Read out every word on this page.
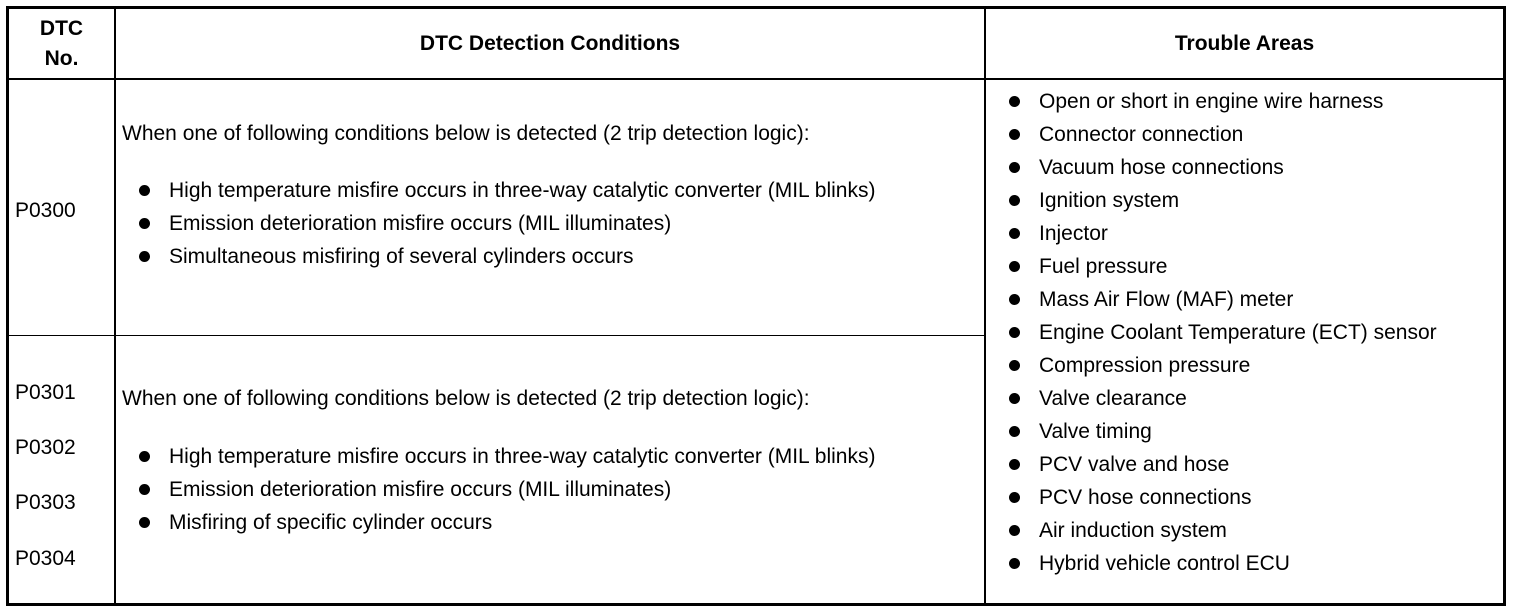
DTC
No.
DTC Detection Conditions	Trouble Areas
P0300
When one of following conditions below is detected (2 trip detection logic):
High temperature misfire occurs in three-way catalytic converter (MIL blinks)
Emission deterioration misfire occurs (MIL illuminates)
Simultaneous misfiring of several cylinders occurs
P0301
P0302
P0303
P0304
When one of following conditions below is detected (2 trip detection logic):
High temperature misfire occurs in three-way catalytic converter (MIL blinks)
Emission deterioration misfire occurs (MIL illuminates)
Misfiring of specific cylinder occurs
Open or short in engine wire harness
Connector connection
Vacuum hose connections
Ignition system
Injector
Fuel pressure
Mass Air Flow (MAF) meter
Engine Coolant Temperature (ECT) sensor
Compression pressure
Valve clearance
Valve timing
PCV valve and hose
PCV hose connections
Air induction system
Hybrid vehicle control ECU
